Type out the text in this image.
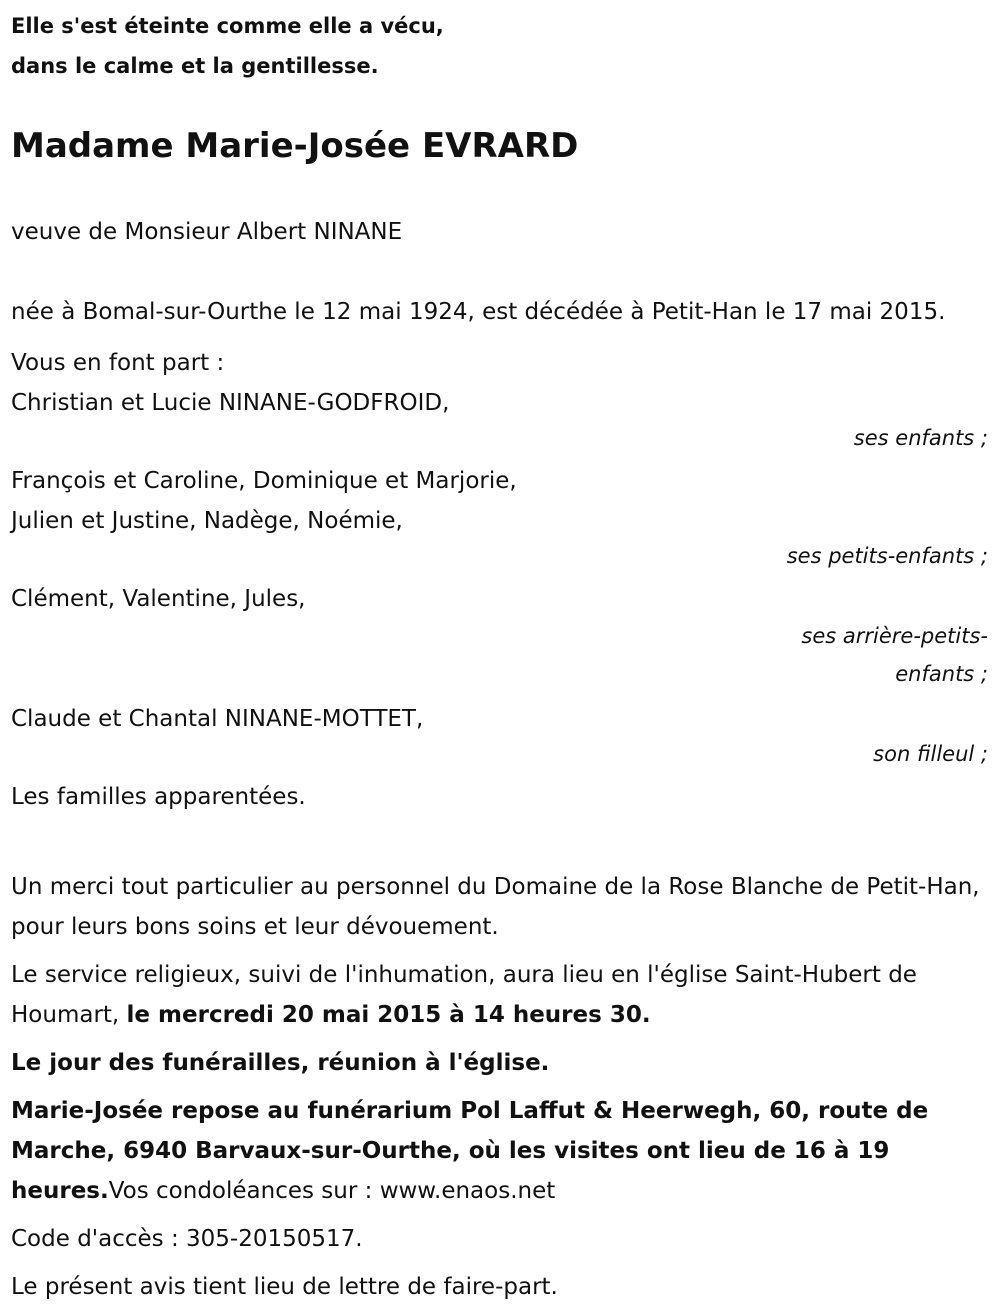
Elle s'est éteinte comme elle a vécu,
dans le calme et la gentillesse.

Madame Marie-Josée EVRARD

veuve de Monsieur Albert NINANE

née à Bomal-sur-Ourthe le 12 mai 1924, est décédée à Petit-Han le 17 mai 2015.

Vous en font part :

Christian et Lucie NINANE-GODFROID,
ses enfants ;
François et Caroline, Dominique et Marjorie,
Julien et Justine, Nadège, Noémie,
ses petits-enfants ;
Clément, Valentine, Jules,
ses arrière-petits-
enfants ;
Claude et Chantal NINANE-MOTTET,
son filleul ;

Les familles apparentées.

Un merci tout particulier au personnel du Domaine de la Rose Blanche de Petit-Han, pour leurs bons soins et leur dévouement.

Le service religieux, suivi de l'inhumation, aura lieu en l'église Saint-Hubert de Houmart, le mercredi 20 mai 2015 à 14 heures 30.

Le jour des funérailles, réunion à l'église.

Marie-Josée repose au funérarium Pol Laffut & Heerwegh, 60, route de Marche, 6940 Barvaux-sur-Ourthe, où les visites ont lieu de 16 à 19 heures.Vos condoléances sur : www.enaos.net

Code d'accès : 305-20150517.

Le présent avis tient lieu de lettre de faire-part.
